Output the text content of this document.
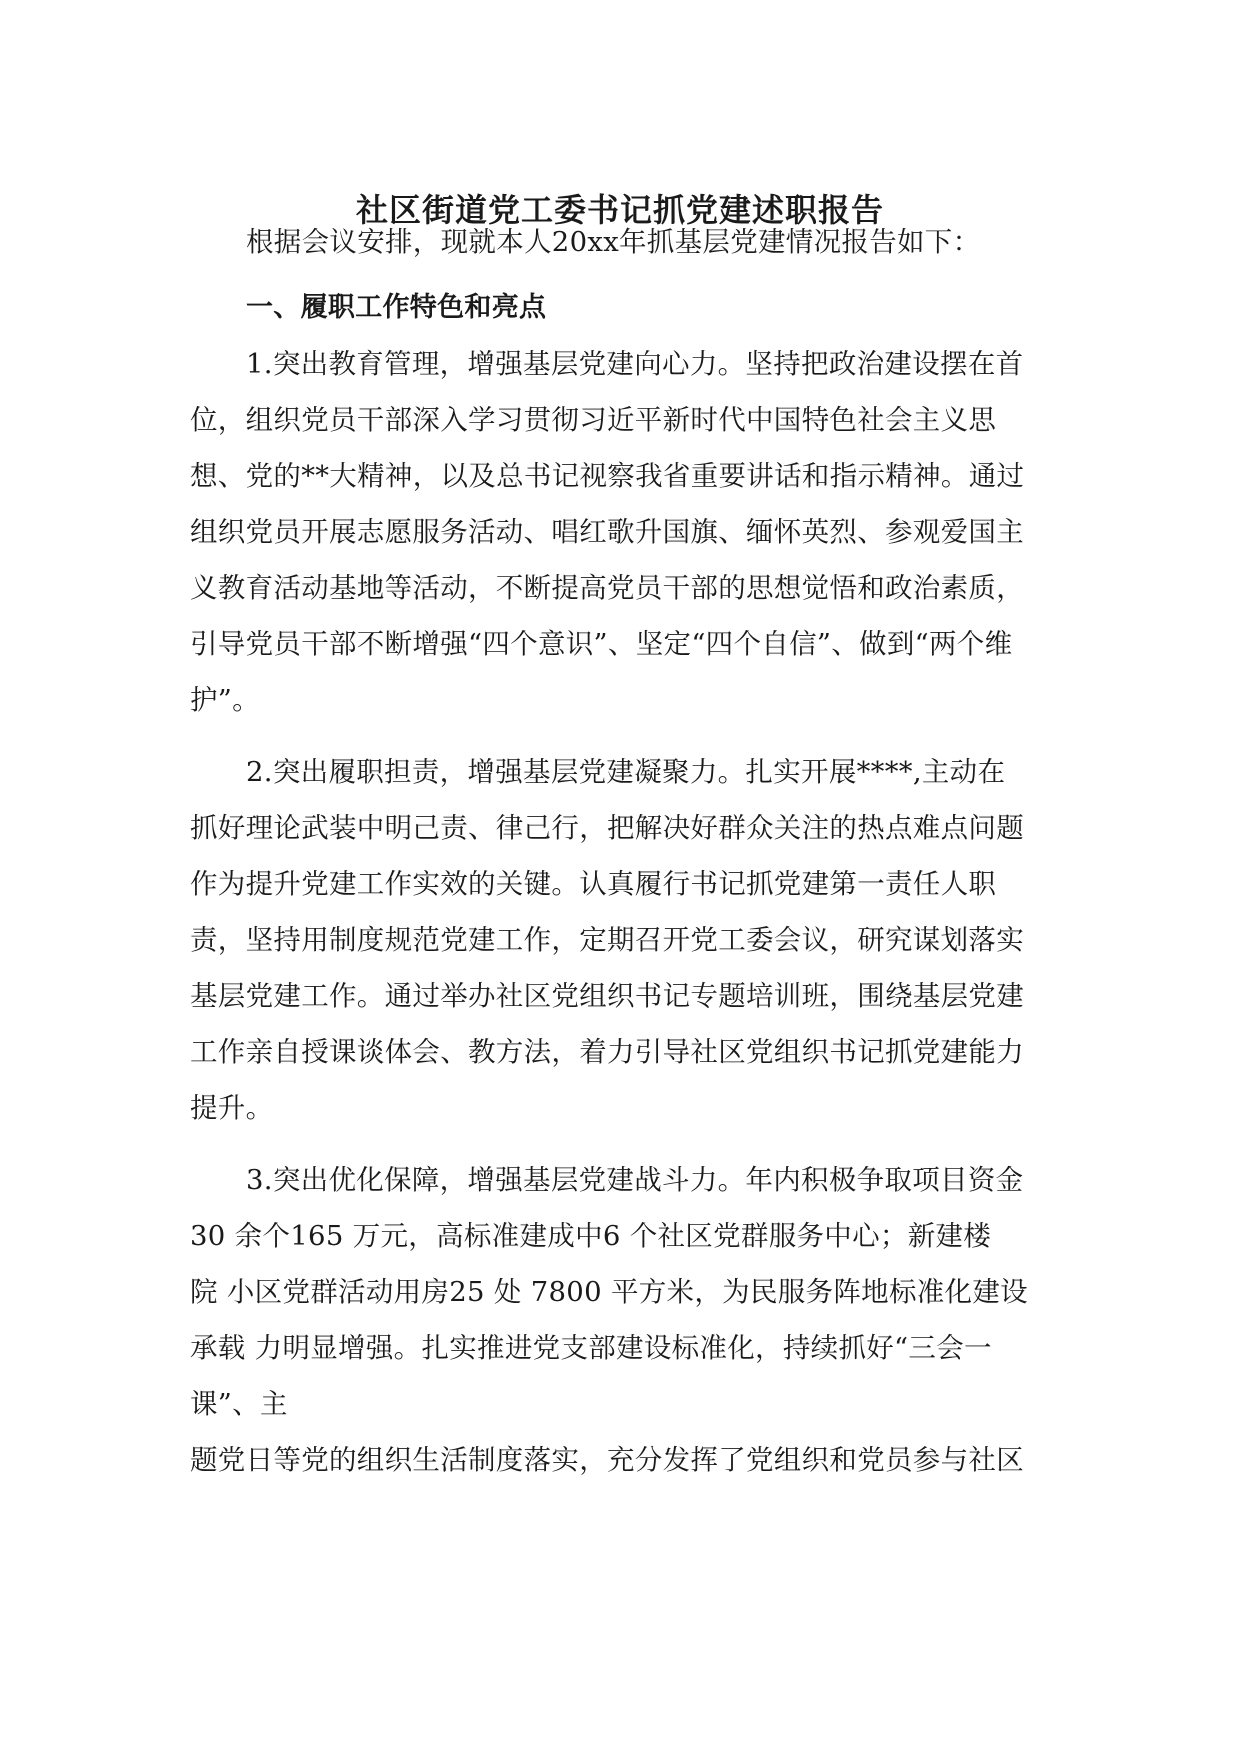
社区街道党工委书记抓党建述职报告
根据会议安排，现就本人20xx年抓基层党建情况报告如下：
一、履职工作特色和亮点
1.突出教育管理，增强基层党建向心力。坚持把政治建设摆在首
位，组织党员干部深入学习贯彻习近平新时代中国特色社会主义思
想、党的**大精神，以及总书记视察我省重要讲话和指示精神。通过
组织党员开展志愿服务活动、唱红歌升国旗、缅怀英烈、参观爱国主
义教育活动基地等活动，不断提高党员干部的思想觉悟和政治素质，
引导党员干部不断增强“四个意识”、坚定“四个自信”、做到“两个维
护”。
2.突出履职担责，增强基层党建凝聚力。扎实开展****,主动在
抓好理论武装中明己责、律己行，把解决好群众关注的热点难点问题
作为提升党建工作实效的关键。认真履行书记抓党建第一责任人职
责，坚持用制度规范党建工作，定期召开党工委会议，研究谋划落实
基层党建工作。通过举办社区党组织书记专题培训班，围绕基层党建
工作亲自授课谈体会、教方法，着力引导社区党组织书记抓党建能力
提升。
3.突出优化保障，增强基层党建战斗力。年内积极争取项目资金
30 余个165 万元，高标准建成中6 个社区党群服务中心；新建楼
院 小区党群活动用房25 处 7800 平方米，为民服务阵地标准化建设
承载 力明显增强。扎实推进党支部建设标准化，持续抓好“三会一
课”、主
题党日等党的组织生活制度落实，充分发挥了党组织和党员参与社区
